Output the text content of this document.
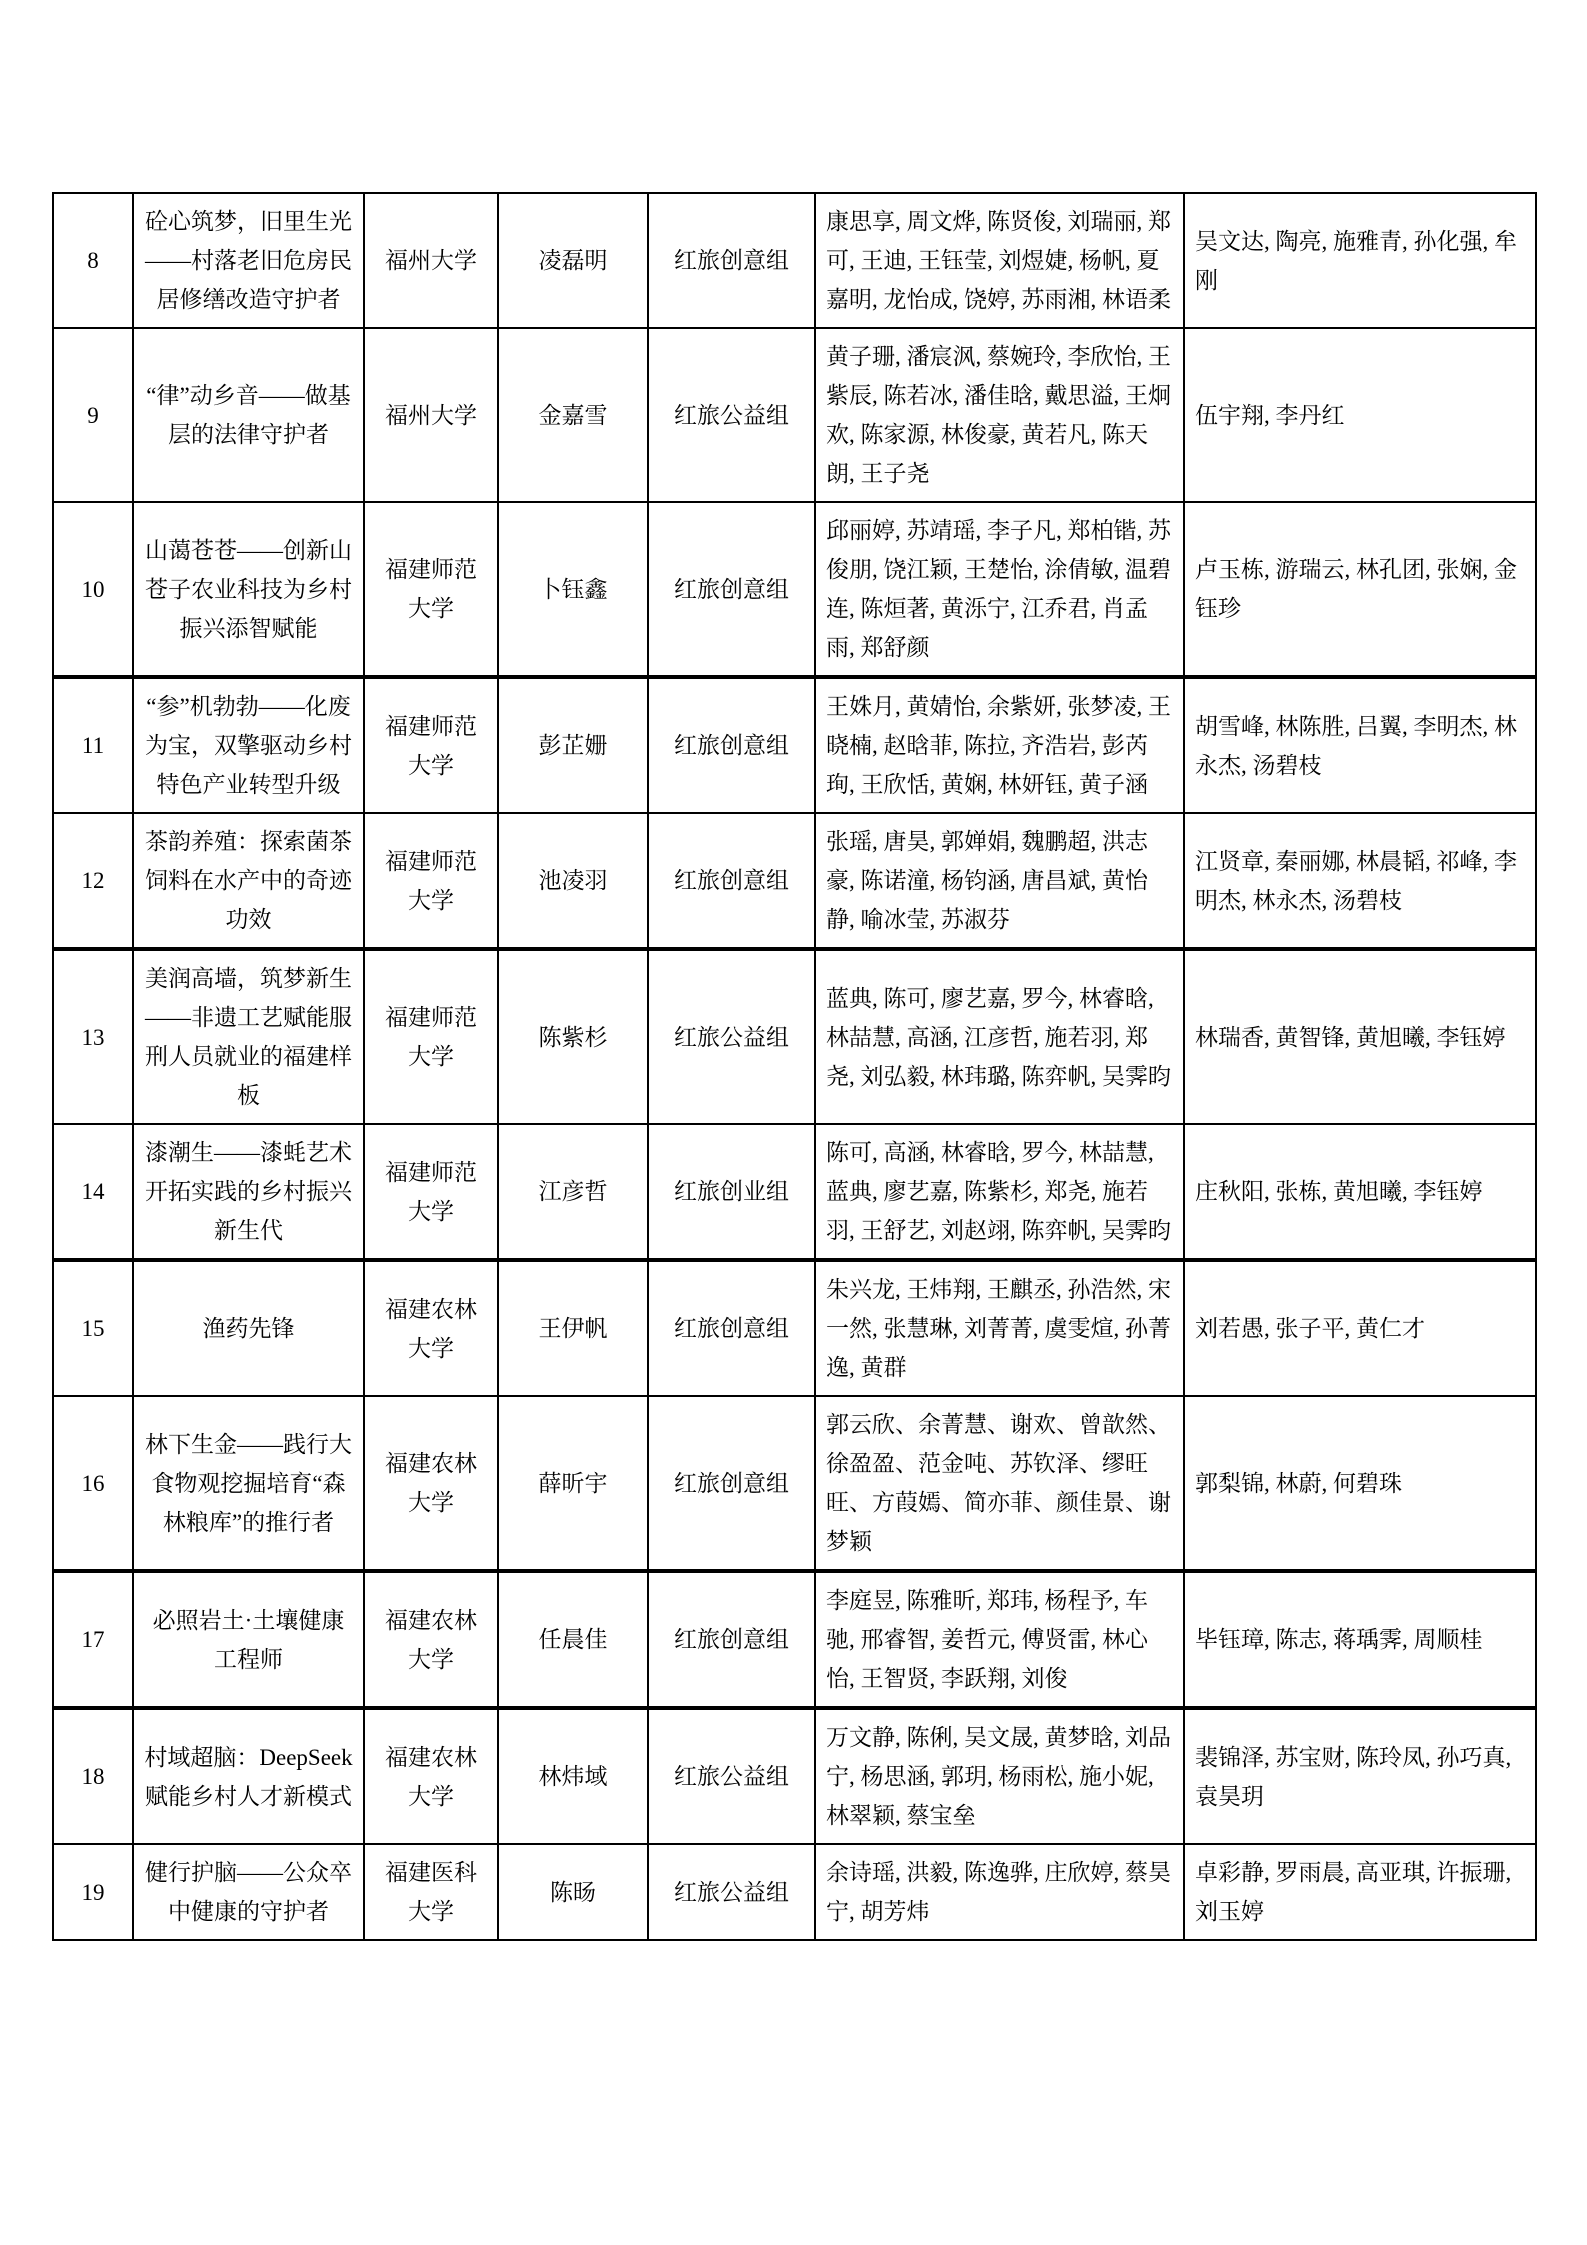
8	砼心筑梦，旧里生光——村落老旧危房民居修缮改造守护者	福州大学	凌磊明	红旅创意组	康思享, 周文烨, 陈贤俊, 刘瑞丽, 郑可, 王迪, 王钰莹, 刘煜婕, 杨帆, 夏嘉明, 龙怡成, 饶婷, 苏雨湘, 林语柔	吴文达, 陶亮, 施雅青, 孙化强, 牟刚
9	“律”动乡音——做基层的法律守护者	福州大学	金嘉雪	红旅公益组	黄子珊, 潘宸沨, 蔡婉玲, 李欣怡, 王紫辰, 陈若冰, 潘佳晗, 戴思溢, 王炯欢, 陈家源, 林俊豪, 黄若凡, 陈天朗, 王子尧	伍宇翔, 李丹红
10	山蔼苍苍——创新山苍子农业科技为乡村振兴添智赋能	福建师范大学	卜钰鑫	红旅创意组	邱丽婷, 苏靖瑶, 李子凡, 郑柏锴, 苏俊朋, 饶江颖, 王楚怡, 涂倩敏, 温碧连, 陈烜著, 黄泺宁, 江乔君, 肖孟雨, 郑舒颜	卢玉栋, 游瑞云, 林孔团, 张娴, 金钰珍
11	“参”机勃勃——化废为宝，双擎驱动乡村特色产业转型升级	福建师范大学	彭芷姗	红旅创意组	王姝月, 黄婧怡, 余紫妍, 张梦凌, 王晓楠, 赵晗菲, 陈拉, 齐浩岩, 彭芮珣, 王欣恬, 黄娴, 林妍钰, 黄子涵	胡雪峰, 林陈胜, 吕翼, 李明杰, 林永杰, 汤碧枝
12	茶韵养殖：探索菌茶饲料在水产中的奇迹功效	福建师范大学	池凌羽	红旅创意组	张瑶, 唐昊, 郭婵娟, 魏鹏超, 洪志豪, 陈诺潼, 杨钧涵, 唐昌斌, 黄怡静, 喻冰莹, 苏淑芬	江贤章, 秦丽娜, 林晨韬, 祁峰, 李明杰, 林永杰, 汤碧枝
13	美润高墙，筑梦新生——非遗工艺赋能服刑人员就业的福建样板	福建师范大学	陈紫杉	红旅公益组	蓝典, 陈可, 廖艺嘉, 罗今, 林睿晗, 林喆慧, 高涵, 江彦哲, 施若羽, 郑尧, 刘弘毅, 林玮璐, 陈弈帆, 吴霁昀	林瑞香, 黄智锋, 黄旭曦, 李钰婷
14	漆潮生——漆蚝艺术开拓实践的乡村振兴新生代	福建师范大学	江彦哲	红旅创业组	陈可, 高涵, 林睿晗, 罗今, 林喆慧, 蓝典, 廖艺嘉, 陈紫杉, 郑尧, 施若羽, 王舒艺, 刘赵翊, 陈弈帆, 吴霁昀	庄秋阳, 张栋, 黄旭曦, 李钰婷
15	渔药先锋	福建农林大学	王伊帆	红旅创意组	朱兴龙, 王炜翔, 王麒丞, 孙浩然, 宋一然, 张慧琳, 刘菁菁, 虞雯煊, 孙菁逸, 黄群	刘若愚, 张子平, 黄仁才
16	林下生金——践行大食物观挖掘培育“森林粮库”的推行者	福建农林大学	薛昕宇	红旅创意组	郭云欣、余菁慧、谢欢、曾歆然、徐盈盈、范金吨、苏钦泽、缪旺旺、方葭嫣、简亦菲、颜佳景、谢梦颖	郭梨锦, 林蔚, 何碧珠
17	必照岩土·土壤健康工程师	福建农林大学	任晨佳	红旅创意组	李庭昱, 陈雅昕, 郑玮, 杨程予, 车驰, 邢睿智, 姜哲元, 傅贤雷, 林心怡, 王智贤, 李跃翔, 刘俊	毕钰璋, 陈志, 蒋瑀霁, 周顺桂
18	村域超脑：DeepSeek 赋能乡村人才新模式	福建农林大学	林炜域	红旅公益组	万文静, 陈俐, 吴文晟, 黄梦晗, 刘品宁, 杨思涵, 郭玥, 杨雨松, 施小妮, 林翠颖, 蔡宝垒	裴锦泽, 苏宝财, 陈玲凤, 孙巧真, 袁昊玥
19	健行护脑——公众卒中健康的守护者	福建医科大学	陈旸	红旅公益组	余诗瑶, 洪毅, 陈逸骅, 庄欣婷, 蔡昊宁, 胡芳炜	卓彩静, 罗雨晨, 高亚琪, 许振珊, 刘玉婷
